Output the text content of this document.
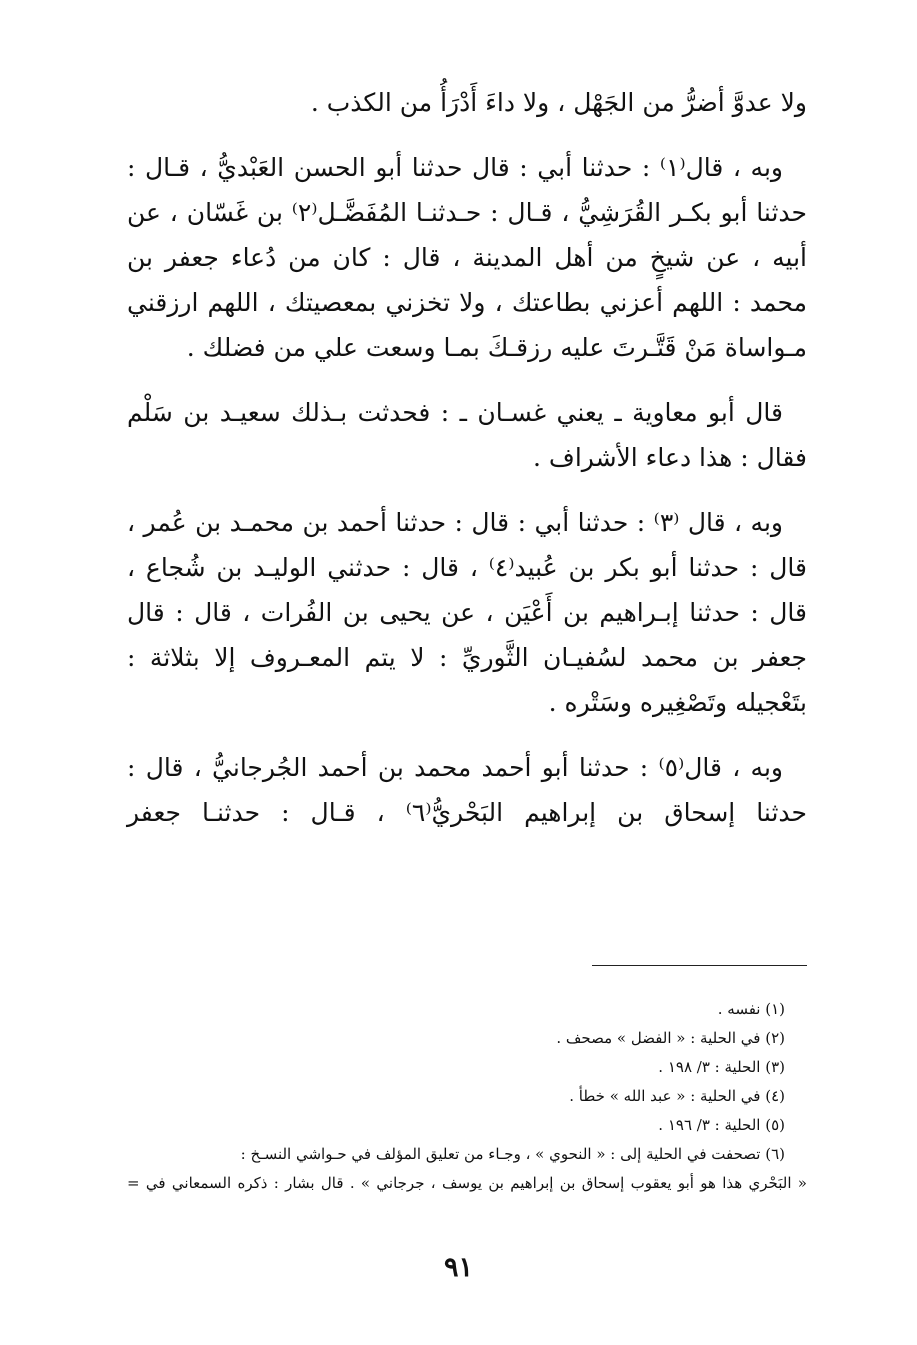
ولا عدوَّ أضرُّ من الجَهْل ، ولا داءَ أَدْرَأُ من الكذب .

وبه ، قال⁽١⁾ : حدثنا أبي : قال حدثنا أبو الحسن العَبْديُّ ، قـال : حدثنا أبو بكـر القُرَشِيُّ ، قـال : حـدثنـا المُفَضَّـل⁽٢⁾ بن غَسّان ، عن أبيه ، عن شيخٍ من أهل المدينة ، قال : كان من دُعاء جعفر بن محمد : اللهم أعزني بطاعتك ، ولا تخزني بمعصيتك ، اللهم ارزقني مـواساة مَنْ قَتَّـرتَ عليه رزقـكَ بمـا وسعت علي من فضلك .

قال أبو معاوية ـ يعني غسـان ـ : فحدثت بـذلك سعيـد بن سَلْم فقال : هذا دعاء الأشراف .

وبه ، قال ⁽٣⁾ : حدثنا أبي : قال : حدثنا أحمد بن محمـد بن عُمر ، قال : حدثنا أبو بكر بن عُبيد⁽٤⁾ ، قال : حدثني الوليـد بن شُجاع ، قال : حدثنا إبـراهيم بن أَعْيَن ، عن يحيى بن الفُرات ، قال : قال جعفر بن محمد لسُفيـان الثَّوريِّ : لا يتم المعـروف إلا بثلاثة : بتَعْجيله وتَصْغِيره وسَتْره .

وبه ، قال⁽٥⁾ : حدثنا أبو أحمد محمد بن أحمد الجُرجانيُّ ، قال : حدثنا إسحاق بن إبراهيم البَحْريُّ⁽٦⁾ ، قـال : حدثنـا جعفر

(١) نفسه .

(٢) في الحلية : « الفضل » مصحف .

(٣) الحلية : ٣/ ١٩٨ .

(٤) في الحلية : « عبد الله » خطأ .

(٥) الحلية : ٣/ ١٩٦ .

(٦) تصحفت في الحلية إلى : « النحوي » ، وجـاء من تعليق المؤلف في حـواشي النسـخ :

« البَحْري هذا هو أبو يعقوب إسحاق بن إبراهيم بن يوسف ، جرجاني » . قال بشار : ذكره السمعاني في =

٩١
